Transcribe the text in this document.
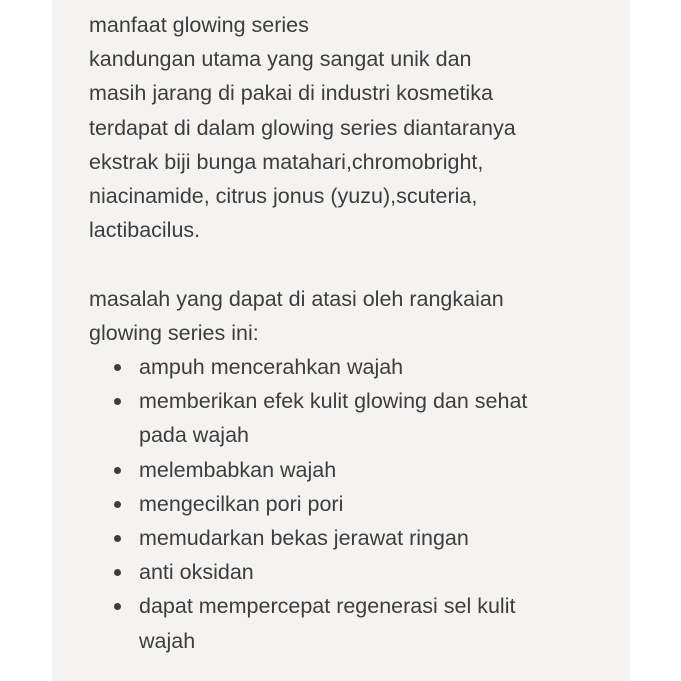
manfaat glowing series

kandungan utama yang sangat unik dan

masih jarang di pakai di industri kosmetika

terdapat di dalam glowing series diantaranya

ekstrak biji bunga matahari,chromobright,

niacinamide, citrus jonus (yuzu),scuteria,

lactibacilus.

masalah yang dapat di atasi oleh rangkaian

glowing series ini:

ampuh mencerahkan wajah
memberikan efek kulit glowing dan sehat
pada wajah
melembabkan wajah
mengecilkan pori pori
memudarkan bekas jerawat ringan
anti oksidan
dapat mempercepat regenerasi sel kulit
wajah
